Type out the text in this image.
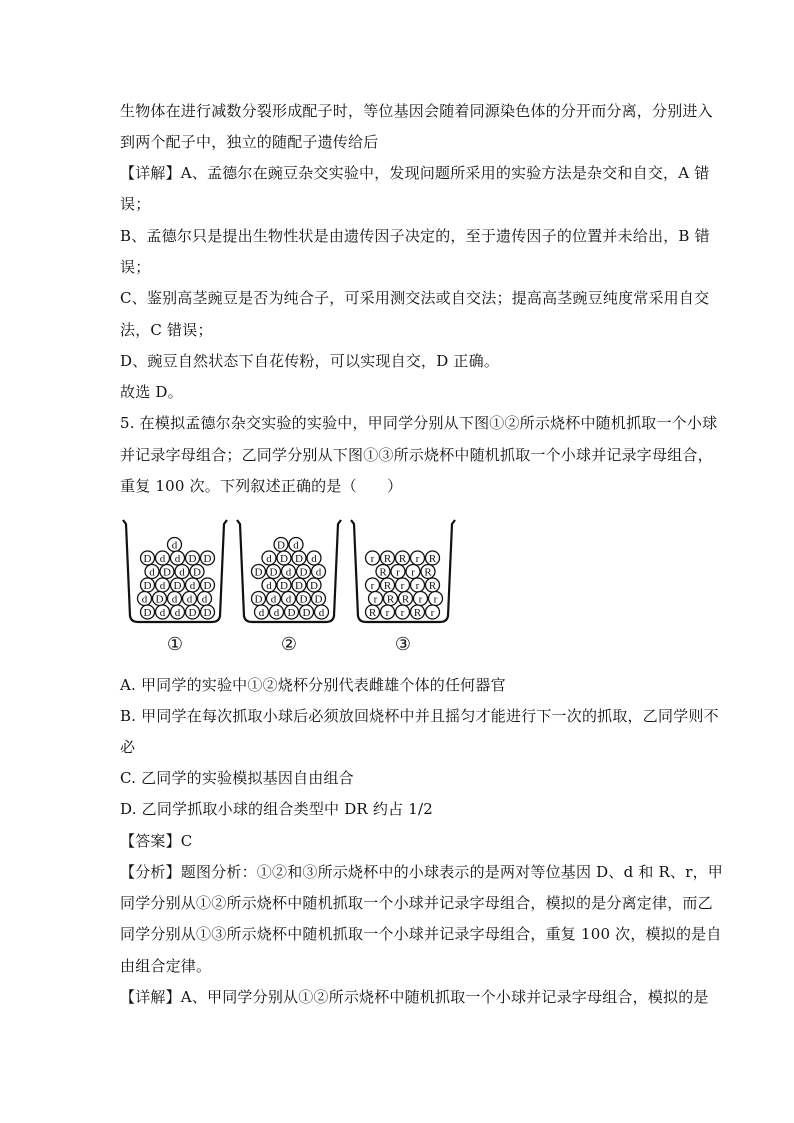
生物体在进行减数分裂形成配子时，等位基因会随着同源染色体的分开而分离，分别进入
到两个配子中，独立的随配子遗传给后
【详解】A、孟德尔在豌豆杂交实验中，发现问题所采用的实验方法是杂交和自交，A 错
误；
B、孟德尔只是提出生物性状是由遗传因子决定的，至于遗传因子的位置并未给出，B 错
误；
C、鉴别高茎豌豆是否为纯合子，可采用测交法或自交法；提高高茎豌豆纯度常采用自交
法，C 错误；
D、豌豆自然状态下自花传粉，可以实现自交，D 正确。
故选 D。
5. 在模拟孟德尔杂交实验的实验中，甲同学分别从下图①②所示烧杯中随机抓取一个小球
并记录字母组合；乙同学分别从下图①③所示烧杯中随机抓取一个小球并记录字母组合，
重复 100 次。下列叙述正确的是（　　）
A. 甲同学的实验中①②烧杯分别代表雌雄个体的任何器官
B. 甲同学在每次抓取小球后必须放回烧杯中并且摇匀才能进行下一次的抓取，乙同学则不
必
C. 乙同学的实验模拟基因自由组合
D. 乙同学抓取小球的组合类型中 DR 约占 1/2
【答案】C
【分析】题图分析：①②和③所示烧杯中的小球表示的是两对等位基因 D、d 和 R、r，甲
同学分别从①②所示烧杯中随机抓取一个小球并记录字母组合，模拟的是分离定律，而乙
同学分别从①③所示烧杯中随机抓取一个小球并记录字母组合，重复 100 次，模拟的是自
由组合定律。
【详解】A、甲同学分别从①②所示烧杯中随机抓取一个小球并记录字母组合，模拟的是
d
D d d D D
d D d D
D d D d D
d D d d d
D d d D D
①
D d
d D D d
D D d D d
d D D D
D d d D D
d d D D d
②
r R R r R
R r r R
r R r r R
r R R r r
R r r R r
③
